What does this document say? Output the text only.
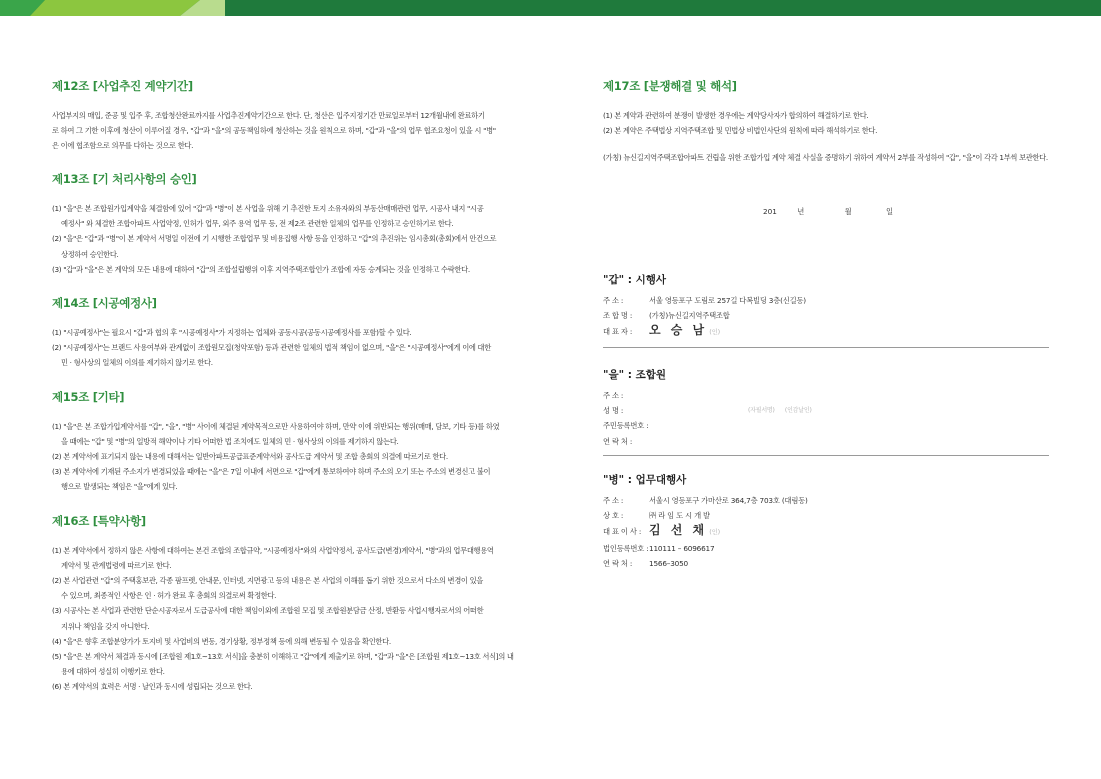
제12조 [사업추진 계약기간]
사업부지의 매입, 준공 및 입주 후, 조합청산완료까지를 사업추진계약기간으로 한다. 단, 청산은 입주지정기간 만료일로부터 12개월내에 완료하기
로 하여 그 기한 이후에 청산이 이루어질 경우, "갑"과 "을"의 공동책임하에 청산하는 것을 원칙으로 하며, "갑"과 "을"의 업무 협조요청이 있을 시 "병"
은 이에 협조함으로 의무를 다하는 것으로 한다.
제13조 [기 처리사항의 승인]
(1) "을"은 본 조합원가입계약을 체결함에 있어 "갑"과 "병"이 본 사업을 위해 기 추진한 토지 소유자와의 부동산매매관련 업무, 시공사 내지 "시공
예정사" 와 체결한 조합아파트 사업약정, 인허가 업무, 외주 용역 업무 등, 전 제2조 관련한 일체의 업무를 인정하고 승인하기로 한다.
(2) "을"은 "갑"과 "병"이 본 계약서 서명일 이전에 기 시행한 조합업무 및 비용집행 사항 등을 인정하고 "갑"의 추진위는 임시총회(총회)에서 안건으로
상정하여 승인한다.
(3) "갑"과 "을"은 본 계약의 모든 내용에 대하여 "갑"의 조합설립행위 이후 지역주택조합인가 조합에 자동 승계되는 것을 인정하고 수락한다.
제14조 [시공예정사]
(1) "시공예정사"는 필요시 "갑"과 협의 후 "시공예정사"가 지정하는 업체와 공동시공(공동시공예정사를 포함)할 수 있다.
(2) "시공예정사"는 브랜드 사용여부와 관계없이 조합원모집(청약포함) 등과 관련한 일체의 법적 책임이 없으며, "을"은 "시공예정사"에게 이에 대한
민 · 형사상의 일체의 이의를 제기하지 않기로 한다.
제15조 [기타]
(1) "을"은 본 조합가입계약서를 "갑", "을", "병" 사이에 체결된 계약목적으로만 사용하여야 하며, 만약 이에 위반되는 행위(매매, 담보, 기타 등)를 하였
을 때에는 "갑" 및 "병"의 일방적 해약이나 기타 어떠한 법 조치에도 일체의 민 · 형사상의 이의를 제기하지 않는다.
(2) 본 계약서에 표기되지 않는 내용에 대해서는 일반아파트공급표준계약서와 공사도급 계약서 및 조합 총회의 의결에 따르기로 한다.
(3) 본 계약서에 기재된 주소지가 변경되었을 때에는 "을"은 7일 이내에 서면으로 "갑"에게 통보하여야 하며 주소의 오기 또는 주소의 변경신고 불이
행으로 발생되는 책임은 "을"에게 있다.
제16조 [특약사항]
(1) 본 계약서에서 정하지 않은 사항에 대하여는 본건 조합의 조합규약, "시공예정사"와의 사업약정서, 공사도급(변경)계약서, "병"과의 업무대행용역
계약서 및 관계법령에 따르기로 한다.
(2) 본 사업관련 "갑"의 주택홍보관, 각종 팜프렛, 안내문, 인터넷, 지면광고 등의 내용은 본 사업의 이해를 돕기 위한 것으로서 다소의 변경이 있을
수 있으며, 최종적인 사항은 인 · 허가 완료 후 총회의 의결로써 확정한다.
(3) 시공사는 본 사업과 관련한 단순시공자로서 도급공사에 대한 책임이외에 조합원 모집 및 조합원분담금 산정, 반환등 사업시행자로서의 어떠한
지위나 책임을 갖지 아니한다.
(4) "을"은 향후 조합분양가가 토지비 및 사업비의 변동, 경기상황, 정부정책 등에 의해 변동될 수 있음을 확인한다.
(5) "을"은 본 계약서 체결과 동시에 [조합원 제1호~13호 서식]을 충분히 이해하고 "갑"에게 제출키로 하며, "갑"과 "을"은 [조합원 제1호~13호 서식]의 내
용에 대하여 성실히 이행키로 한다.
(6) 본 계약서의 효력은 서명 · 날인과 동시에 성립되는 것으로 한다.
제17조 [분쟁해결 및 해석]
(1) 본 계약과 관련하여 분쟁이 발생한 경우에는 계약당사자가 합의하여 해결하기로 한다.
(2) 본 계약은 주택법상 지역주택조합 및 민법상 비법인사단의 원칙에 따라 해석하기로 한다.
(가칭) 뉴신길지역주택조합아파트 건립을 위한 조합가입 계약 체결 사실을 증명하기 위하여 계약서 2부를 작성하여 "갑", "을"이 각각 1부씩 보관한다.
201	년	월	일
"갑" : 시행사
주 소 :	서울 영등포구 도림로 257길 다복빌딩 3층(신길동)
조 합 명 : (가칭)뉴신길지역주택조합
대 표 자 : 오 승 남 (인)
"을" : 조합원
주 소 :
성 명 :	(자필서명) (인감날인)
주민등록번호 :
연 락 처 :
"병" : 업무대행사
주 소 :	서울시 영등포구 가마산로 364,7층 703호 (대림동)
상 호 :	㈜ 라 임 도 시 개 발
대 표 이 사 : 김 선 채 (인)
법인등록번호 :110111 – 6096617
연 락 처 : 1566–3050
